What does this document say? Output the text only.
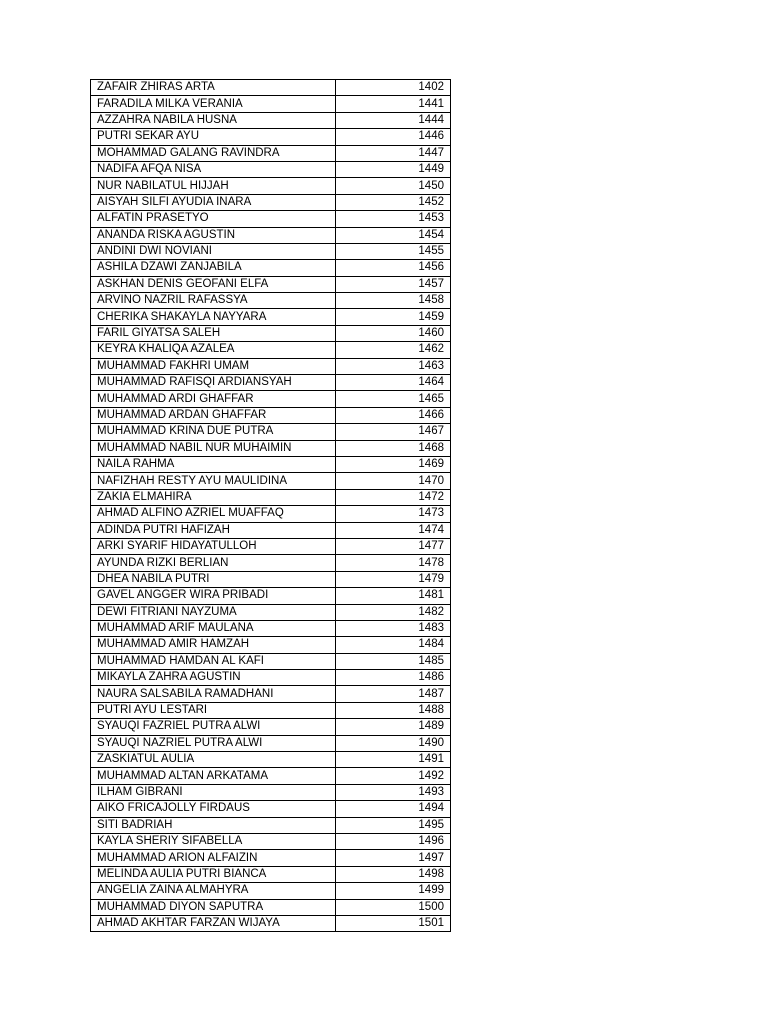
ZAFAIR ZHIRAS ARTA	1402
FARADILA MILKA VERANIA	1441
AZZAHRA NABILA HUSNA	1444
PUTRI SEKAR AYU	1446
MOHAMMAD GALANG RAVINDRA	1447
NADIFA AFQA NISA	1449
NUR NABILATUL HIJJAH	1450
AISYAH SILFI AYUDIA INARA	1452
ALFATIN PRASETYO	1453
ANANDA RISKA AGUSTIN	1454
ANDINI DWI NOVIANI	1455
ASHILA DZAWI ZANJABILA	1456
ASKHAN DENIS GEOFANI ELFA	1457
ARVINO NAZRIL RAFASSYA	1458
CHERIKA SHAKAYLA NAYYARA	1459
FARIL GIYATSA SALEH	1460
KEYRA KHALIQA AZALEA	1462
MUHAMMAD FAKHRI UMAM	1463
MUHAMMAD RAFISQI ARDIANSYAH	1464
MUHAMMAD ARDI GHAFFAR	1465
MUHAMMAD ARDAN GHAFFAR	1466
MUHAMMAD KRINA DUE PUTRA	1467
MUHAMMAD NABIL NUR MUHAIMIN	1468
NAILA RAHMA	1469
NAFIZHAH RESTY AYU MAULIDINA	1470
ZAKIA ELMAHIRA	1472
AHMAD ALFINO AZRIEL MUAFFAQ	1473
ADINDA PUTRI HAFIZAH	1474
ARKI SYARIF HIDAYATULLOH	1477
AYUNDA RIZKI BERLIAN	1478
DHEA NABILA PUTRI	1479
GAVEL ANGGER WIRA PRIBADI	1481
DEWI FITRIANI NAYZUMA	1482
MUHAMMAD ARIF MAULANA	1483
MUHAMMAD AMIR HAMZAH	1484
MUHAMMAD HAMDAN AL KAFI	1485
MIKAYLA ZAHRA AGUSTIN	1486
NAURA SALSABILA RAMADHANI	1487
PUTRI AYU LESTARI	1488
SYAUQI FAZRIEL PUTRA ALWI	1489
SYAUQI NAZRIEL PUTRA ALWI	1490
ZASKIATUL AULIA	1491
MUHAMMAD ALTAN ARKATAMA	1492
ILHAM GIBRANI	1493
AIKO FRICAJOLLY FIRDAUS	1494
SITI BADRIAH	1495
KAYLA SHERIY SIFABELLA	1496
MUHAMMAD ARION ALFAIZIN	1497
MELINDA AULIA PUTRI BIANCA	1498
ANGELIA ZAINA ALMAHYRA	1499
MUHAMMAD DIYON SAPUTRA	1500
AHMAD AKHTAR FARZAN WIJAYA	1501
